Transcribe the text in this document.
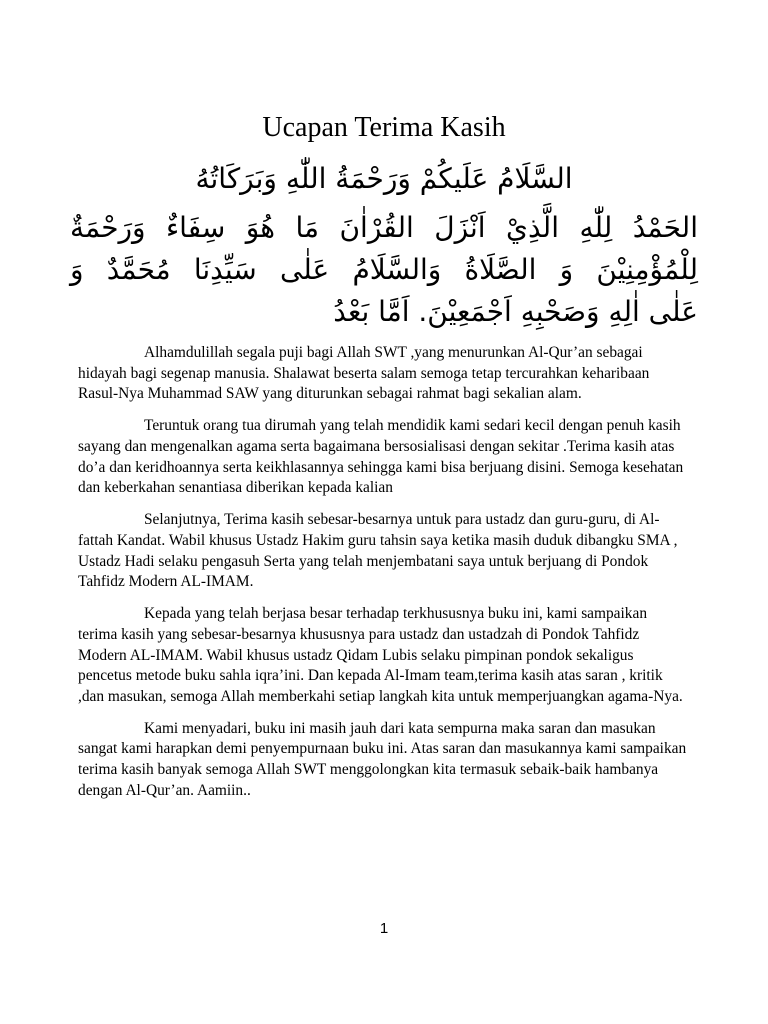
Ucapan Terima Kasih
السَّلَامُ عَلَيكُمْ وَرَحْمَةُ اللّٰهِ وَبَرَكَاتُهُ
الحَمْدُ لِلّٰهِ الَّذِيْ اَنْزَلَ القُرْاٰنَ مَا هُوَ سِفَاءٌ وَرَحْمَةٌ
لِلْمُؤْمِنِيْنَ وَ الصَّلَاةُ وَالسَّلَامُ عَلٰى سَيِّدِنَا مُحَمَّدٌ وَ
عَلٰى اٰلِهِ وَصَحْبِهِ اَجْمَعِيْنَ. اَمَّا بَعْدُ

Alhamdulillah segala puji bagi Allah SWT ,yang menurunkan Al-Qur’an sebagai hidayah bagi segenap manusia. Shalawat beserta salam semoga tetap tercurahkan keharibaan Rasul-Nya Muhammad SAW yang diturunkan sebagai rahmat bagi sekalian alam.

Teruntuk orang tua dirumah yang telah mendidik kami sedari kecil dengan penuh kasih sayang dan mengenalkan agama serta bagaimana bersosialisasi dengan sekitar .Terima kasih atas do’a dan keridhoannya serta keikhlasannya sehingga kami bisa berjuang disini. Semoga kesehatan dan keberkahan senantiasa diberikan kepada kalian

Selanjutnya, Terima kasih sebesar-besarnya untuk para ustadz dan guru-guru, di Al-fattah Kandat. Wabil khusus Ustadz Hakim guru tahsin saya ketika masih duduk dibangku SMA , Ustadz Hadi selaku pengasuh Serta yang telah menjembatani saya untuk berjuang di Pondok Tahfidz Modern AL-IMAM.

Kepada yang telah berjasa besar terhadap terkhususnya buku ini, kami sampaikan terima kasih yang sebesar-besarnya khususnya para ustadz dan ustadzah di Pondok Tahfidz Modern AL-IMAM. Wabil khusus ustadz Qidam Lubis selaku pimpinan pondok sekaligus pencetus metode buku sahla iqra’ini. Dan kepada Al-Imam team,terima kasih atas saran , kritik ,dan masukan, semoga Allah memberkahi setiap langkah kita untuk memperjuangkan agama-Nya.

Kami menyadari, buku ini masih jauh dari kata sempurna maka saran dan masukan sangat kami harapkan demi penyempurnaan buku ini. Atas saran dan masukannya kami sampaikan terima kasih banyak semoga Allah SWT menggolongkan kita termasuk sebaik-baik hambanya dengan Al-Qur’an. Aamiin..

1
